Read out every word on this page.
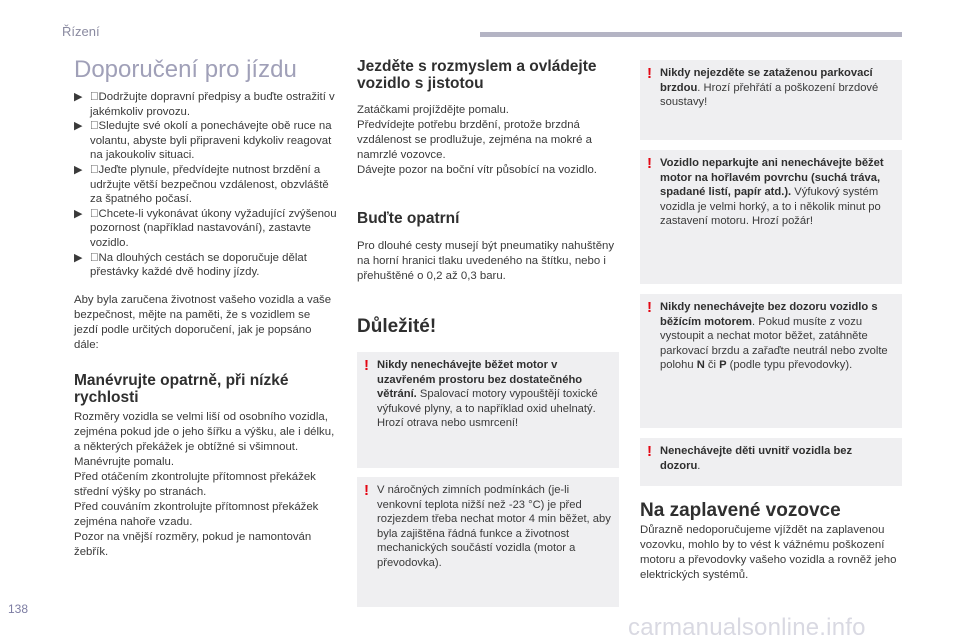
Řízení
Doporučení pro jízdu
▶ Dodržujte dopravní předpisy a buďte ostražití v jakémkoliv provozu.
▶ Sledujte své okolí a ponechávejte obě ruce na volantu, abyste byli připraveni kdykoliv reagovat na jakoukoliv situaci.
▶ Jeďte plynule, předvídejte nutnost brzdění a udržujte větší bezpečnou vzdálenost, obzvláště za špatného počasí.
▶ Chcete-li vykonávat úkony vyžadující zvýšenou pozornost (například nastavování), zastavte vozidlo.
▶ Na dlouhých cestách se doporučuje dělat přestávky každé dvě hodiny jízdy.
Aby byla zaručena životnost vašeho vozidla a vaše bezpečnost, mějte na paměti, že s vozidlem se jezdí podle určitých doporučení, jak je popsáno dále:
Manévrujte opatrně, při nízké rychlosti
Rozměry vozidla se velmi liší od osobního vozidla, zejména pokud jde o jeho šířku a výšku, ale i délku, a některých překážek je obtížné si všimnout.
Manévrujte pomalu.
Před otáčením zkontrolujte přítomnost překážek střední výšky po stranách.
Před couváním zkontrolujte přítomnost překážek zejména nahoře vzadu.
Pozor na vnější rozměry, pokud je namontován žebřík.
Jezděte s rozmyslem a ovládejte vozidlo s jistotou
Zatáčkami projíždějte pomalu.
Předvídejte potřebu brzdění, protože brzdná vzdálenost se prodlužuje, zejména na mokré a namrzlé vozovce.
Dávejte pozor na boční vítr působící na vozidlo.
Buďte opatrní
Pro dlouhé cesty musejí být pneumatiky nahuštěny na horní hranici tlaku uvedeného na štítku, nebo i přehuštěné o 0,2 až 0,3 baru.
Důležité!
! Nikdy nenechávejte běžet motor v uzavřeném prostoru bez dostatečného větrání. Spalovací motory vypouštějí toxické výfukové plyny, a to například oxid uhelnatý. Hrozí otrava nebo usmrcení!
! V náročných zimních podmínkách (je-li venkovní teplota nižší než -23 °C) je před rozjezdem třeba nechat motor 4 min běžet, aby byla zajištěna řádná funkce a životnost mechanických součástí vozidla (motor a převodovka).
! Nikdy nejezděte se zataženou parkovací brzdou. Hrozí přehřátí a poškození brzdové soustavy!
! Vozidlo neparkujte ani nenechávejte běžet motor na hořlavém povrchu (suchá tráva, spadané listí, papír atd.). Výfukový systém vozidla je velmi horký, a to i několik minut po zastavení motoru. Hrozí požár!
! Nikdy nenechávejte bez dozoru vozidlo s běžícím motorem. Pokud musíte z vozu vystoupit a nechat motor běžet, zatáhněte parkovací brzdu a zařaďte neutrál nebo zvolte polohu N či P (podle typu převodovky).
! Nenechávejte děti uvnitř vozidla bez dozoru.
Na zaplavené vozovce
Důrazně nedoporučujeme vjíždět na zaplavenou vozovku, mohlo by to vést k vážnému poškození motoru a převodovky vašeho vozidla a rovněž jeho elektrických systémů.
138
carmanualsonline.info
